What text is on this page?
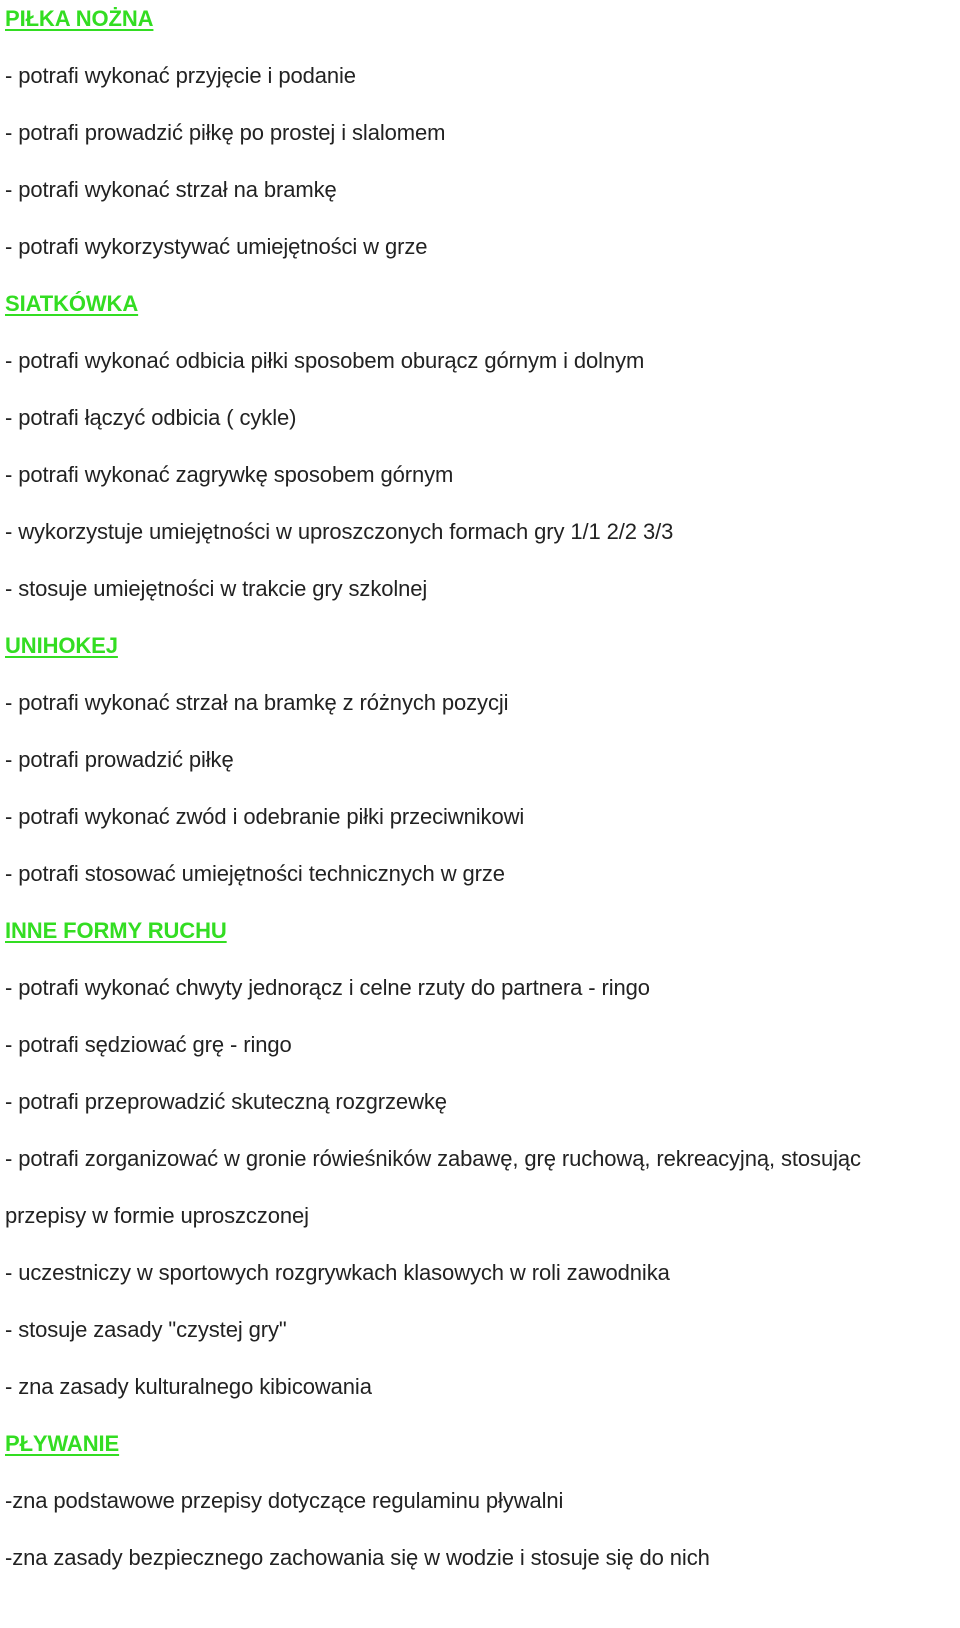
PIŁKA NOŻNA
- potrafi wykonać przyjęcie i podanie
- potrafi prowadzić piłkę po prostej i slalomem
- potrafi wykonać strzał na bramkę
- potrafi wykorzystywać umiejętności w grze
SIATKÓWKA
- potrafi wykonać odbicia piłki sposobem oburącz górnym i dolnym
- potrafi łączyć odbicia ( cykle)
- potrafi wykonać zagrywkę sposobem górnym
- wykorzystuje umiejętności w uproszczonych formach gry 1/1 2/2 3/3
- stosuje umiejętności w trakcie gry szkolnej
UNIHOKEJ
- potrafi wykonać strzał na bramkę z różnych pozycji
- potrafi prowadzić piłkę
- potrafi wykonać zwód i odebranie piłki przeciwnikowi
- potrafi stosować umiejętności technicznych w grze
INNE FORMY RUCHU
- potrafi wykonać chwyty jednorącz i celne rzuty do partnera - ringo
- potrafi sędziować grę - ringo
- potrafi przeprowadzić skuteczną rozgrzewkę
- potrafi zorganizować w gronie rówieśników zabawę, grę ruchową, rekreacyjną, stosując
przepisy w formie uproszczonej
- uczestniczy w sportowych rozgrywkach klasowych w roli zawodnika
- stosuje zasady "czystej gry"
- zna zasady kulturalnego kibicowania
PŁYWANIE
-zna podstawowe przepisy dotyczące regulaminu pływalni
-zna zasady bezpiecznego zachowania się w wodzie i stosuje się do nich
